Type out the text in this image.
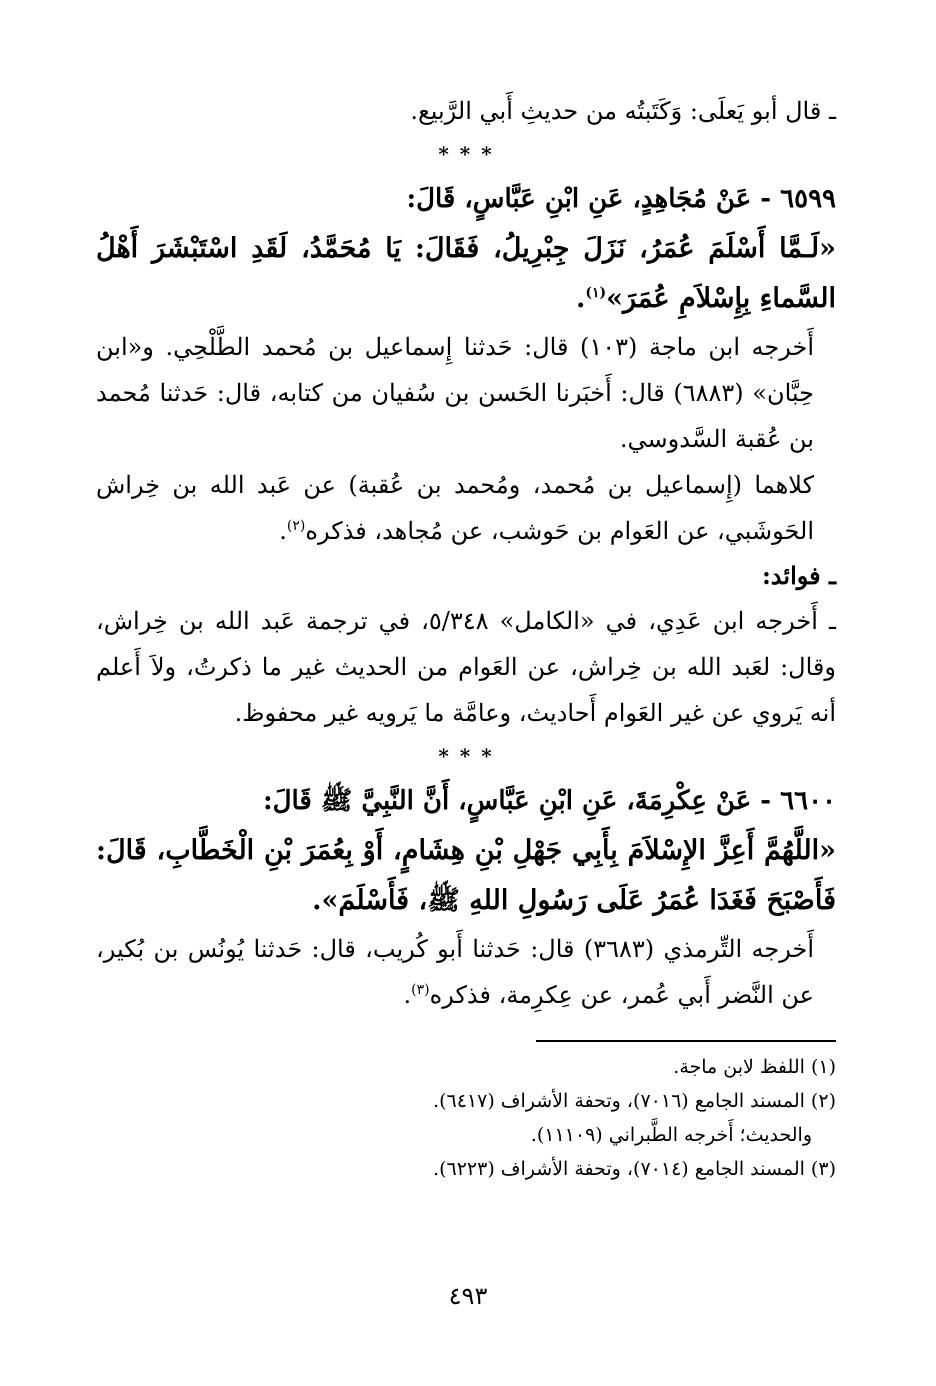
ـ قال أبو يَعلَى: وَكَتَبتُه من حديثِ أَبي الرَّبيع.

* * *

٦٥٩٩ - عَنْ مُجَاهِدٍ، عَنِ ابْنِ عَبَّاسٍ، قَالَ:

«لَـمَّا أَسْلَمَ عُمَرُ، نَزَلَ جِبْرِيلُ، فَقَالَ: يَا مُحَمَّدُ، لَقَدِ اسْتَبْشَرَ أَهْلُ السَّماءِ بِإِسْلاَمِ عُمَرَ»$^{(١)}$.

أَخرجه ابن ماجة (١٠٣) قال: حَدثنا إِسماعيل بن مُحمد الطَّلْحِي. و«ابن حِبَّان» (٦٨٨٣) قال: أَخبَرنا الحَسن بن سُفيان من كتابه، قال: حَدثنا مُحمد بن عُقبة السَّدوسي.

كلاهما (إِسماعيل بن مُحمد، ومُحمد بن عُقبة) عن عَبد الله بن خِراش الحَوشَبي، عن العَوام بن حَوشب، عن مُجاهد، فذكره$^{(٢)}$.

ـ فوائد:

ـ أَخرجه ابن عَدِي، في «الكامل» ٥/٣٤٨، في ترجمة عَبد الله بن خِراش، وقال: لعَبد الله بن خِراش، عن العَوام من الحديث غير ما ذكرتُ، ولاَ أَعلم أنه يَروي عن غير العَوام أَحاديث، وعامَّة ما يَرويه غير محفوظ.

* * *

٦٦٠٠ - عَنْ عِكْرِمَةَ، عَنِ ابْنِ عَبَّاسٍ، أَنَّ النَّبِيَّ ﷺ قَالَ:

«اللَّهُمَّ أَعِزَّ الإِسْلاَمَ بِأَبِي جَهْلِ بْنِ هِشَامٍ، أَوْ بِعُمَرَ بْنِ الْخَطَّابِ، قَالَ: فَأَصْبَحَ فَغَدَا عُمَرُ عَلَى رَسُولِ اللهِ ﷺ، فَأَسْلَمَ».

أَخرجه التِّرمذي (٣٦٨٣) قال: حَدثنا أَبو كُريب، قال: حَدثنا يُونُس بن بُكير، عن النَّضر أَبي عُمر، عن عِكرِمة، فذكره$^{(٣)}$.

(١) اللفظ لابن ماجة.

(٢) المسند الجامع (٧٠١٦)، وتحفة الأشراف (٦٤١٧).

والحديث؛ أَخرجه الطَّبراني (١١١٠٩).

(٣) المسند الجامع (٧٠١٤)، وتحفة الأشراف (٦٢٢٣).

٤٩٣
